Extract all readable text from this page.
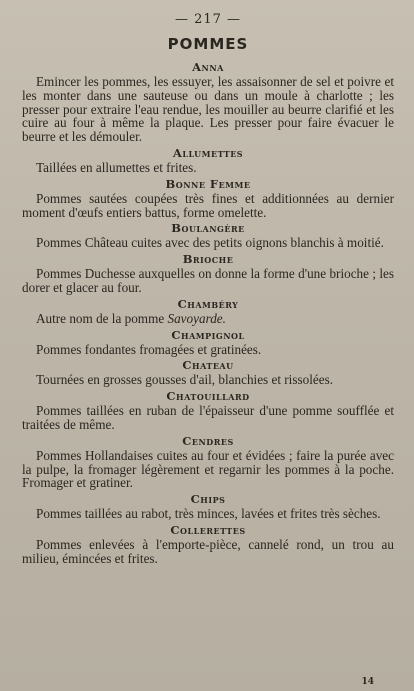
— 217 —
POMMES
Anna

Emincer les pommes, les essuyer, les assaisonner de sel et poivre et les monter dans une sauteuse ou dans un moule à charlotte ; les presser pour extraire l'eau rendue, les mouiller au beurre clarifié et les cuire au four à même la plaque. Les presser pour faire évacuer le beurre et les démouler.

Allumettes

Taillées en allumettes et frites.

Bonne Femme

Pommes sautées coupées très fines et additionnées au dernier moment d'œufs entiers battus, forme omelette.

Boulangère

Pommes Château cuites avec des petits oignons blanchis à moitié.

Brioche

Pommes Duchesse auxquelles on donne la forme d'une brioche ; les dorer et glacer au four.

Chambéry

Autre nom de la pomme Savoyarde.

Champignol

Pommes fondantes fromagées et gratinées.

Chateau

Tournées en grosses gousses d'ail, blanchies et rissolées.

Chatouillard

Pommes taillées en ruban de l'épaisseur d'une pomme soufflée et traitées de même.

Cendres

Pommes Hollandaises cuites au four et évidées ; faire la purée avec la pulpe, la fromager légèrement et regarnir les pommes à la poche. Fromager et gratiner.

Chips

Pommes taillées au rabot, très minces, lavées et frites très sèches.

Collerettes

Pommes enlevées à l'emporte-pièce, cannelé rond, un trou au milieu, émincées et frites.

14
